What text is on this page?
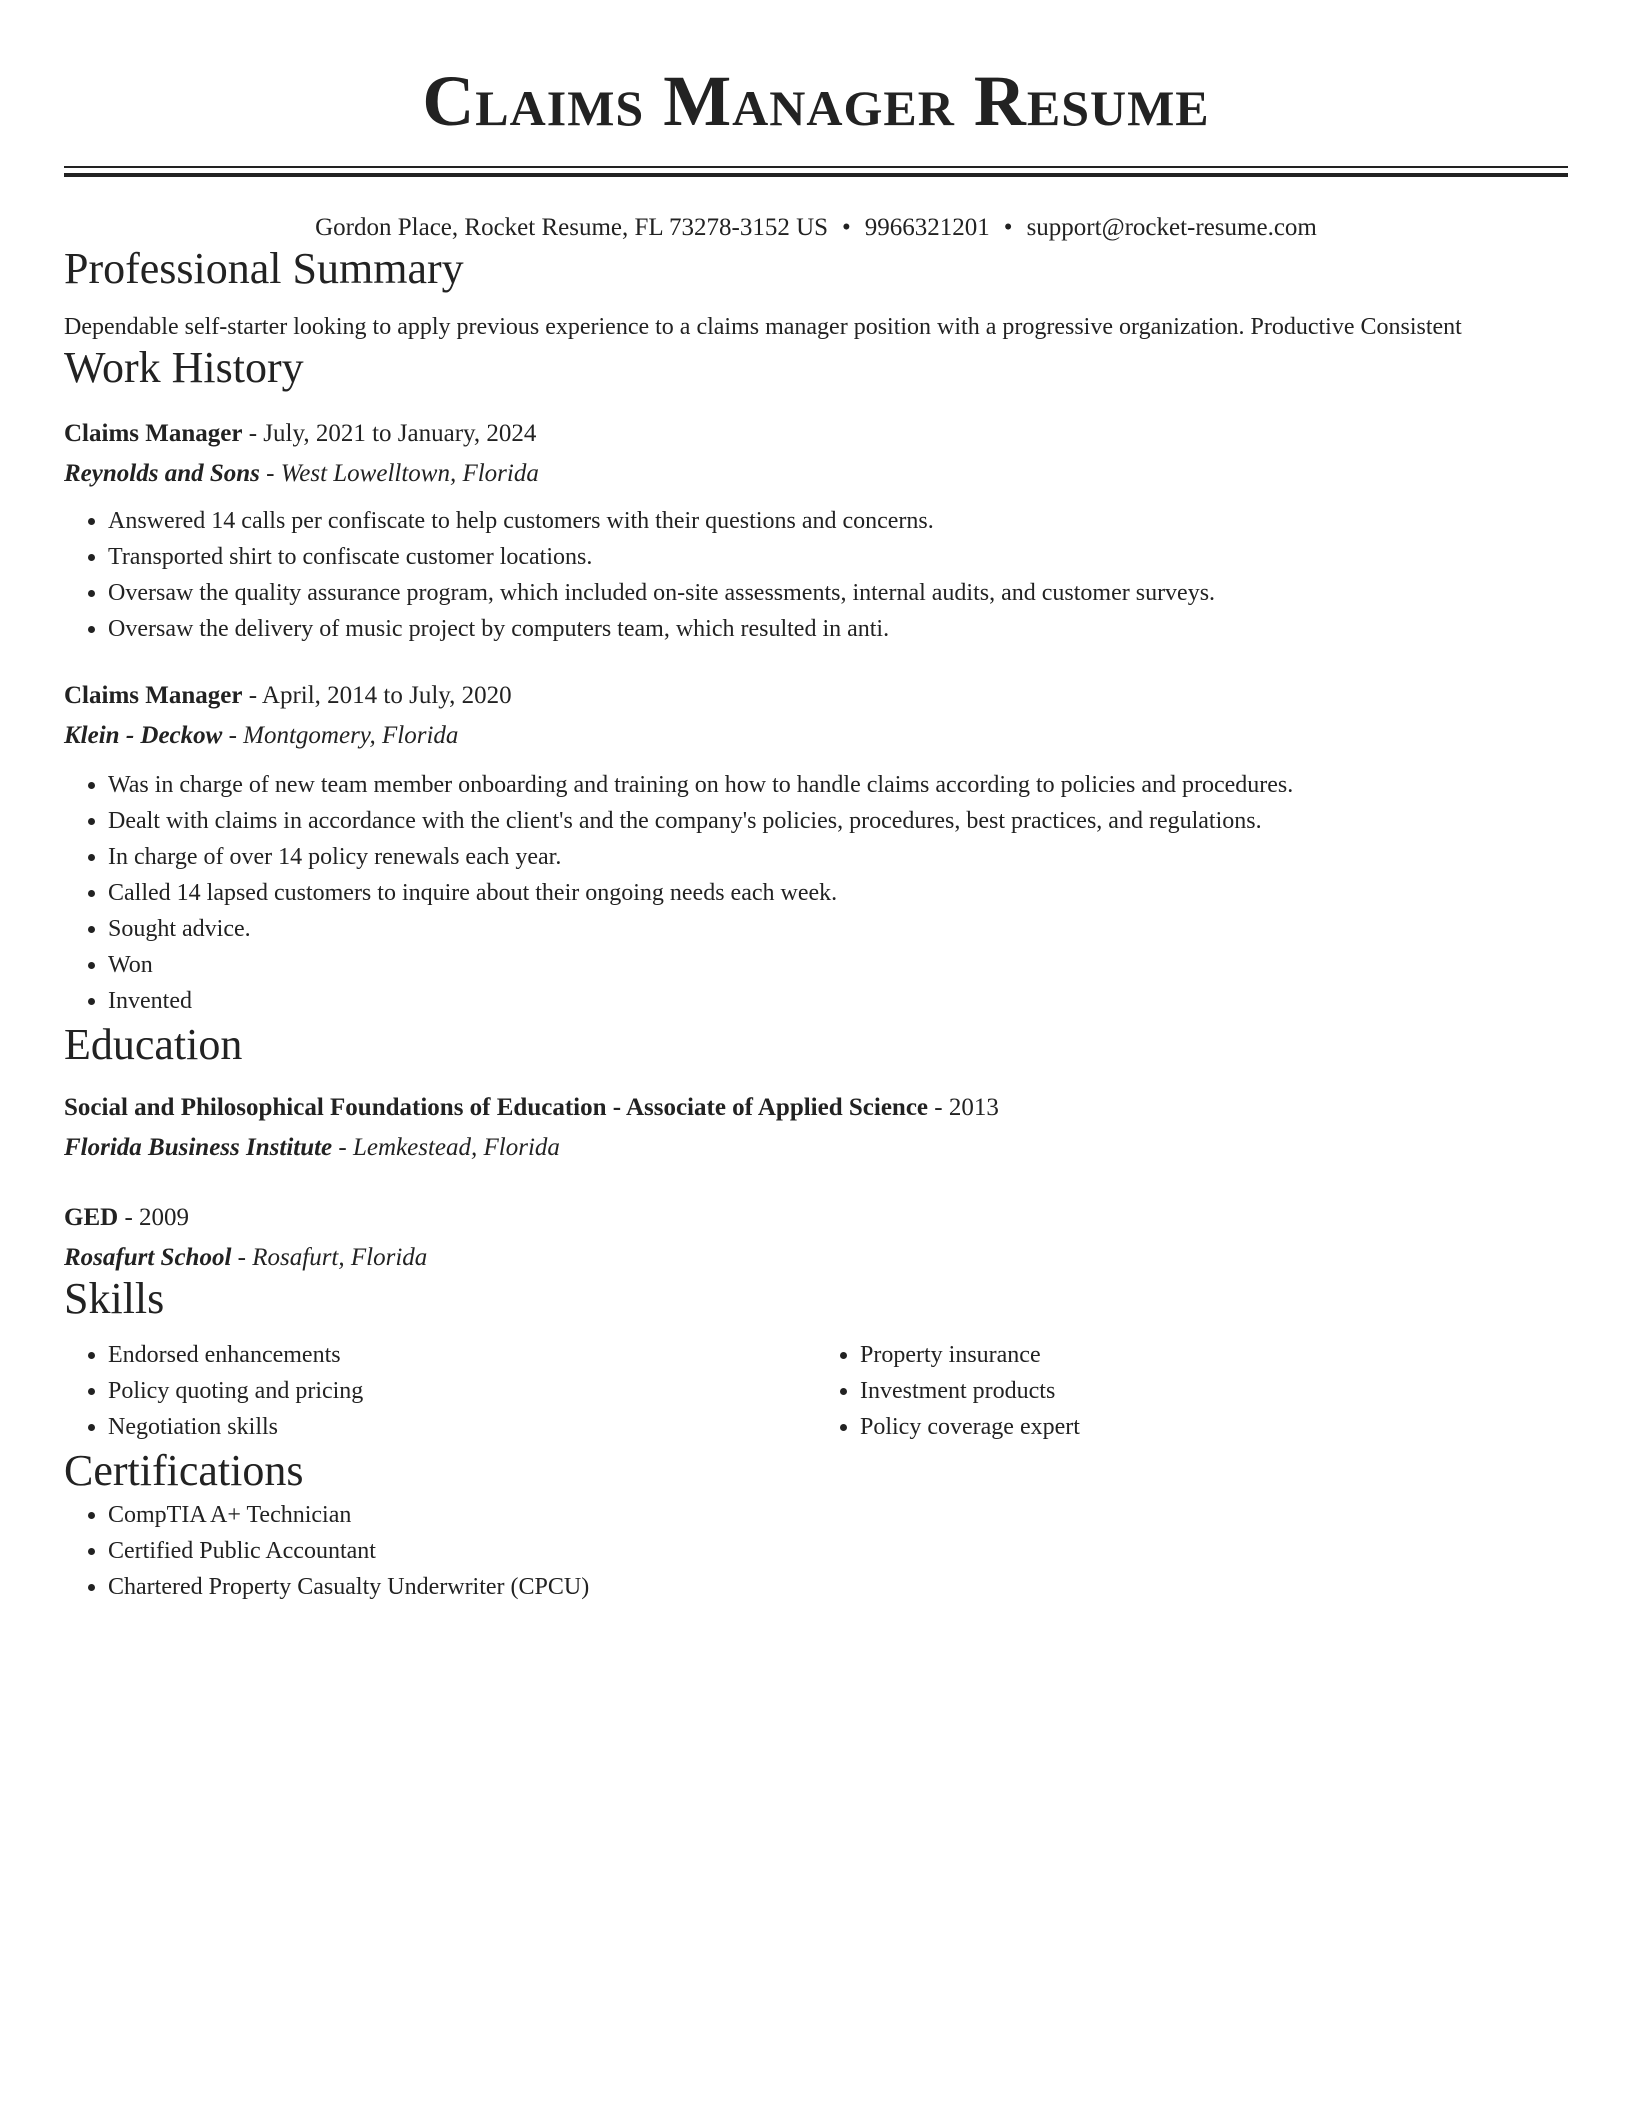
Claims Manager Resume
Gordon Place, Rocket Resume, FL 73278-3152 US • 9966321201 • support@rocket-resume.com
Professional Summary
Dependable self-starter looking to apply previous experience to a claims manager position with a progressive organization. Productive Consistent
Work History
Claims Manager - July, 2021 to January, 2024
Reynolds and Sons - West Lowelltown, Florida
• Answered 14 calls per confiscate to help customers with their questions and concerns.
• Transported shirt to confiscate customer locations.
• Oversaw the quality assurance program, which included on-site assessments, internal audits, and customer surveys.
• Oversaw the delivery of music project by computers team, which resulted in anti.
Claims Manager - April, 2014 to July, 2020
Klein - Deckow - Montgomery, Florida
• Was in charge of new team member onboarding and training on how to handle claims according to policies and procedures.
• Dealt with claims in accordance with the client's and the company's policies, procedures, best practices, and regulations.
• In charge of over 14 policy renewals each year.
• Called 14 lapsed customers to inquire about their ongoing needs each week.
• Sought advice.
• Won
• Invented
Education
Social and Philosophical Foundations of Education - Associate of Applied Science - 2013
Florida Business Institute - Lemkestead, Florida
GED - 2009
Rosafurt School - Rosafurt, Florida
Skills
• Endorsed enhancements
• Policy quoting and pricing
• Negotiation skills
• Property insurance
• Investment products
• Policy coverage expert
Certifications
• CompTIA A+ Technician
• Certified Public Accountant
• Chartered Property Casualty Underwriter (CPCU)
